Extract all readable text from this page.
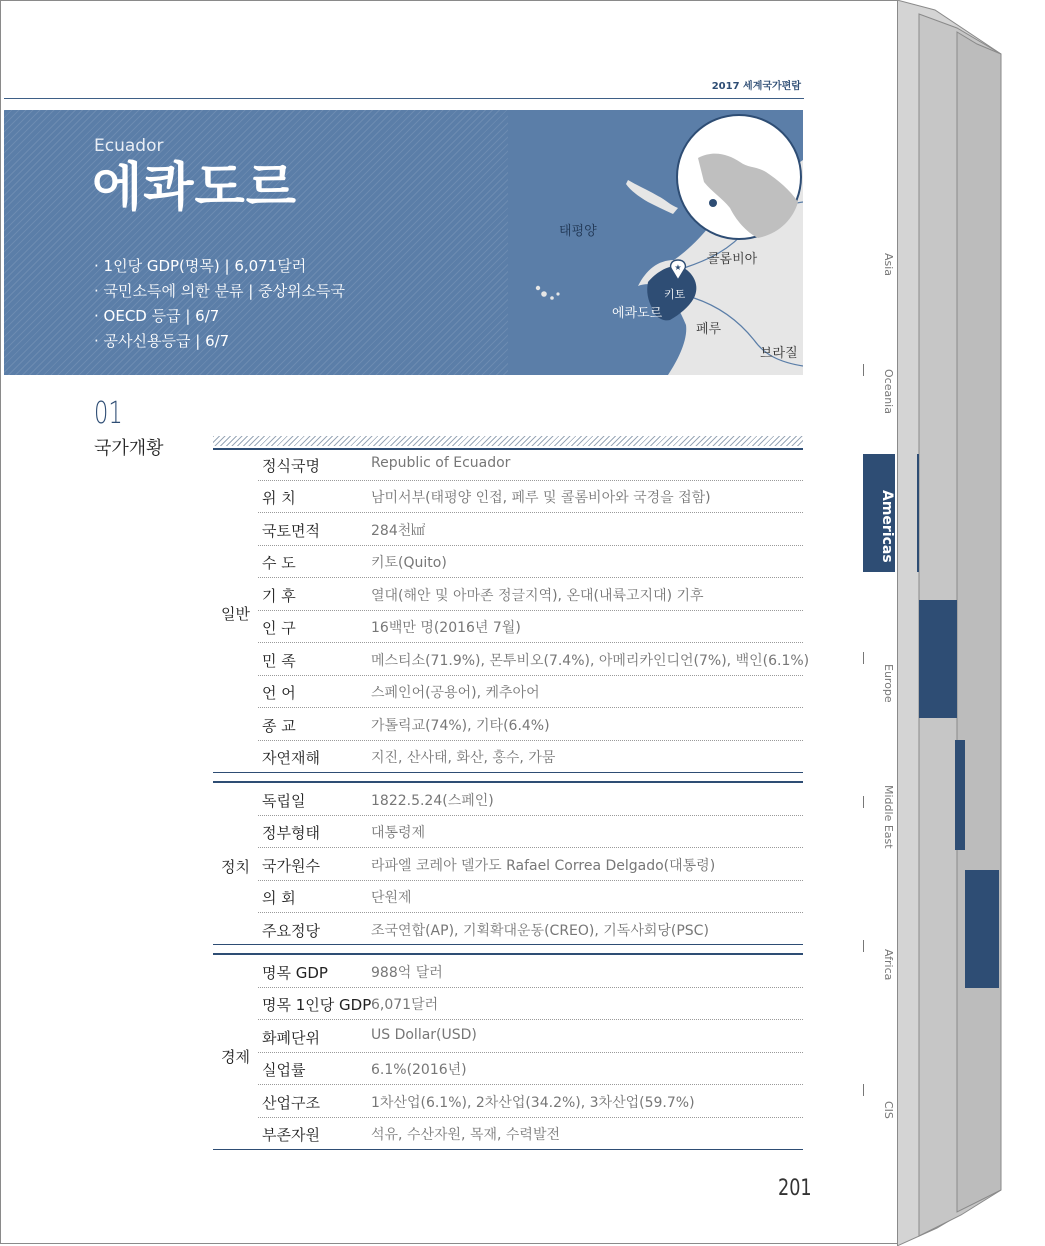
2017 세계국가편람
Ecuador
에콰도르
· 1인당 GDP(명목) | 6,071달러
· 국민소득에 의한 분류 | 중상위소득국
· OECD 등급 | 6/7
· 공사신용등급 | 6/7
★
태평양
콜롬비아
키토
에콰도르
페루
브라질
01
국가개황
일반
정식국명	Republic of Ecuador
위 치	남미서부(태평양 인접, 페루 및 콜롬비아와 국경을 접함)
국토면적	284천㎢
수 도	키토(Quito)
기 후	열대(해안 및 아마존 정글지역), 온대(내륙고지대) 기후
인 구	16백만 명(2016년 7월)
민 족	메스티소(71.9%), 몬투비오(7.4%), 아메리카인디언(7%), 백인(6.1%)
언 어	스페인어(공용어), 케추아어
종 교	가톨릭교(74%), 기타(6.4%)
자연재해	지진, 산사태, 화산, 홍수, 가뭄
정치
독립일	1822.5.24(스페인)
정부형태	대통령제
국가원수	라파엘 코레아 델가도 Rafael Correa Delgado(대통령)
의 회	단원제
주요정당	조국연합(AP), 기획확대운동(CREO), 기독사회당(PSC)
경제
명목 GDP	988억 달러
명목 1인당 GDP 6,071달러
화폐단위	US Dollar(USD)
실업률	6.1%(2016년)
산업구조	1차산업(6.1%), 2차산업(34.2%), 3차산업(59.7%)
부존자원	석유, 수산자원, 목재, 수력발전
201
Asia
Oceania
Americas
Europe
Middle East
Africa
CIS
